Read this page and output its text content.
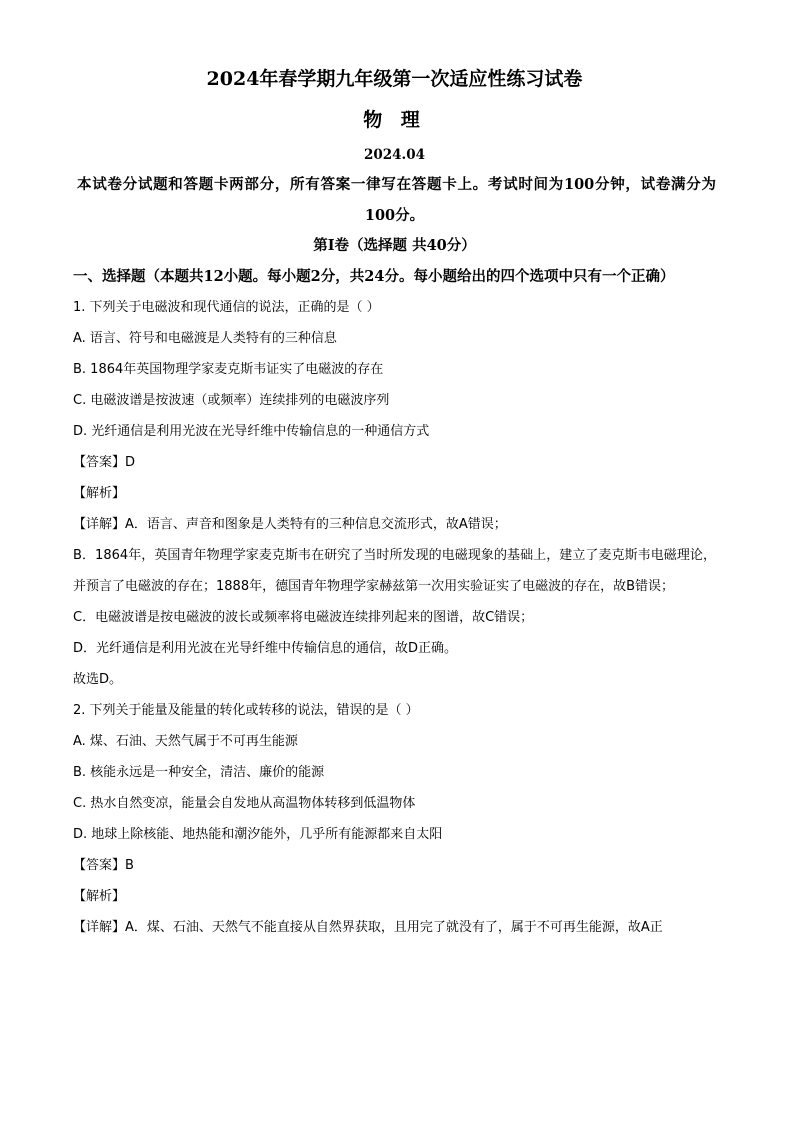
2024年春学期九年级第一次适应性练习试卷
物 理
2024.04

本试卷分试题和答题卡两部分，所有答案一律写在答题卡上。考试时间为100分钟，试卷满分为100分。

第Ⅰ卷（选择题 共40分）

一、选择题（本题共12小题。每小题2分，共24分。每小题给出的四个选项中只有一个正确）

1. 下列关于电磁波和现代通信的说法，正确的是（ ）

A. 语言、符号和电磁渡是人类特有的三种信息

B. 1864年英国物理学家麦克斯韦证实了电磁波的存在

C. 电磁波谱是按波速（或频率）连续排列的电磁波序列

D. 光纤通信是利用光波在光导纤维中传输信息的一种通信方式

【答案】D

【解析】

【详解】A．语言、声音和图象是人类特有的三种信息交流形式，故A错误；

B．1864年，英国青年物理学家麦克斯韦在研究了当时所发现的电磁现象的基础上，建立了麦克斯韦电磁理论，并预言了电磁波的存在；1888年，德国青年物理学家赫兹第一次用实验证实了电磁波的存在，故B错误；

C．电磁波谱是按电磁波的波长或频率将电磁波连续排列起来的图谱，故C错误；

D．光纤通信是利用光波在光导纤维中传输信息的通信，故D正确。

故选D。

2. 下列关于能量及能量的转化或转移的说法，错误的是（ ）

A. 煤、石油、天然气属于不可再生能源

B. 核能永远是一种安全，清洁、廉价的能源

C. 热水自然变凉，能量会自发地从高温物体转移到低温物体

D. 地球上除核能、地热能和潮汐能外，几乎所有能源都来自太阳

【答案】B

【解析】

【详解】A．煤、石油、天然气不能直接从自然界获取，且用完了就没有了，属于不可再生能源，故A正
